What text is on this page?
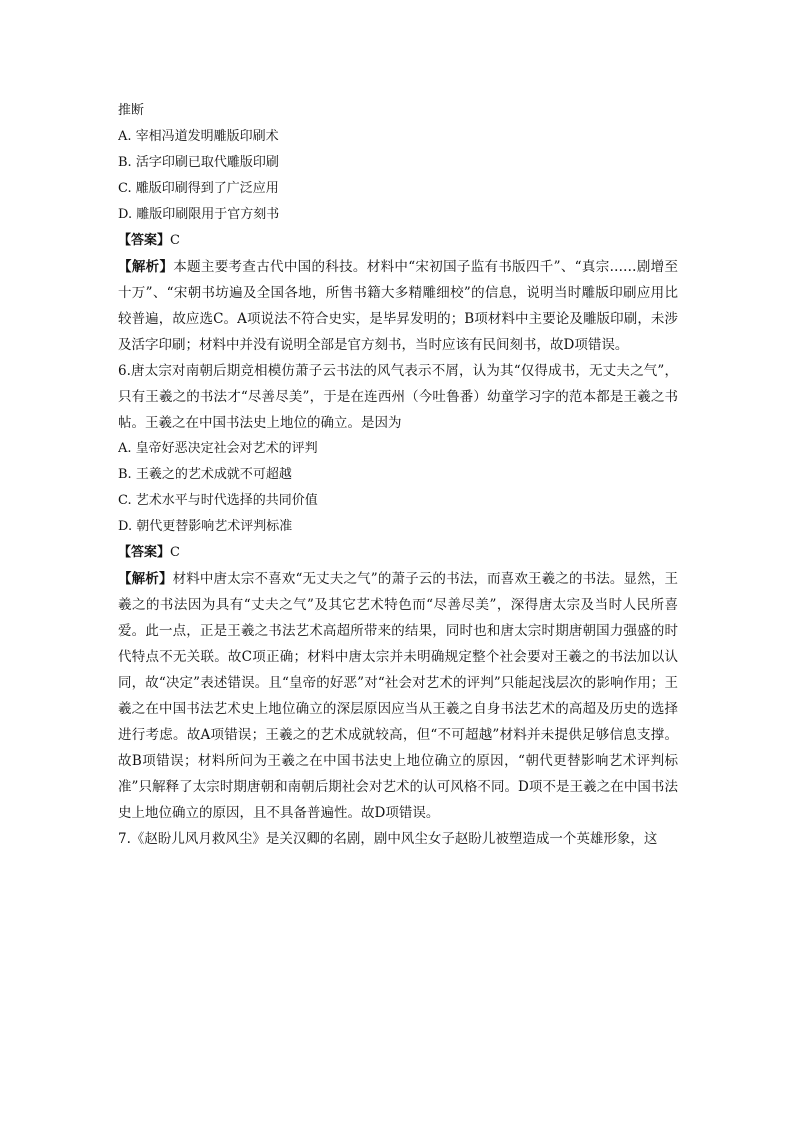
推断
A. 宰相冯道发明雕版印刷术
B. 活字印刷已取代雕版印刷
C. 雕版印刷得到了广泛应用
D. 雕版印刷限用于官方刻书
【答案】C
【解析】本题主要考查古代中国的科技。材料中“宋初国子监有书版四千”、“真宗……剧增至十万”、“宋朝书坊遍及全国各地，所售书籍大多精雕细校”的信息，说明当时雕版印刷应用比较普遍，故应选C。A项说法不符合史实，是毕昇发明的；B项材料中主要论及雕版印刷，未涉及活字印刷；材料中并没有说明全部是官方刻书，当时应该有民间刻书，故D项错误。
6.唐太宗对南朝后期竞相模仿萧子云书法的风气表示不屑，认为其“仅得成书，无丈夫之气”，只有王羲之的书法才“尽善尽美”，于是在连西州（今吐鲁番）幼童学习字的范本都是王羲之书帖。王羲之在中国书法史上地位的确立。是因为
A. 皇帝好恶决定社会对艺术的评判
B. 王羲之的艺术成就不可超越
C. 艺术水平与时代选择的共同价值
D. 朝代更替影响艺术评判标准
【答案】C
【解析】材料中唐太宗不喜欢“无丈夫之气”的萧子云的书法，而喜欢王羲之的书法。显然，王羲之的书法因为具有“丈夫之气”及其它艺术特色而“尽善尽美”，深得唐太宗及当时人民所喜爱。此一点，正是王羲之书法艺术高超所带来的结果，同时也和唐太宗时期唐朝国力强盛的时代特点不无关联。故C项正确；材料中唐太宗并未明确规定整个社会要对王羲之的书法加以认同，故“决定”表述错误。且“皇帝的好恶”对“社会对艺术的评判”只能起浅层次的影响作用；王羲之在中国书法艺术史上地位确立的深层原因应当从王羲之自身书法艺术的高超及历史的选择进行考虑。故A项错误；王羲之的艺术成就较高，但“不可超越”材料并未提供足够信息支撑。故B项错误；材料所问为王羲之在中国书法史上地位确立的原因，“朝代更替影响艺术评判标准”只解释了太宗时期唐朝和南朝后期社会对艺术的认可风格不同。D项不是王羲之在中国书法史上地位确立的原因，且不具备普遍性。故D项错误。
7.《赵盼儿风月救风尘》是关汉卿的名剧，剧中风尘女子赵盼儿被塑造成一个英雄形象，这
